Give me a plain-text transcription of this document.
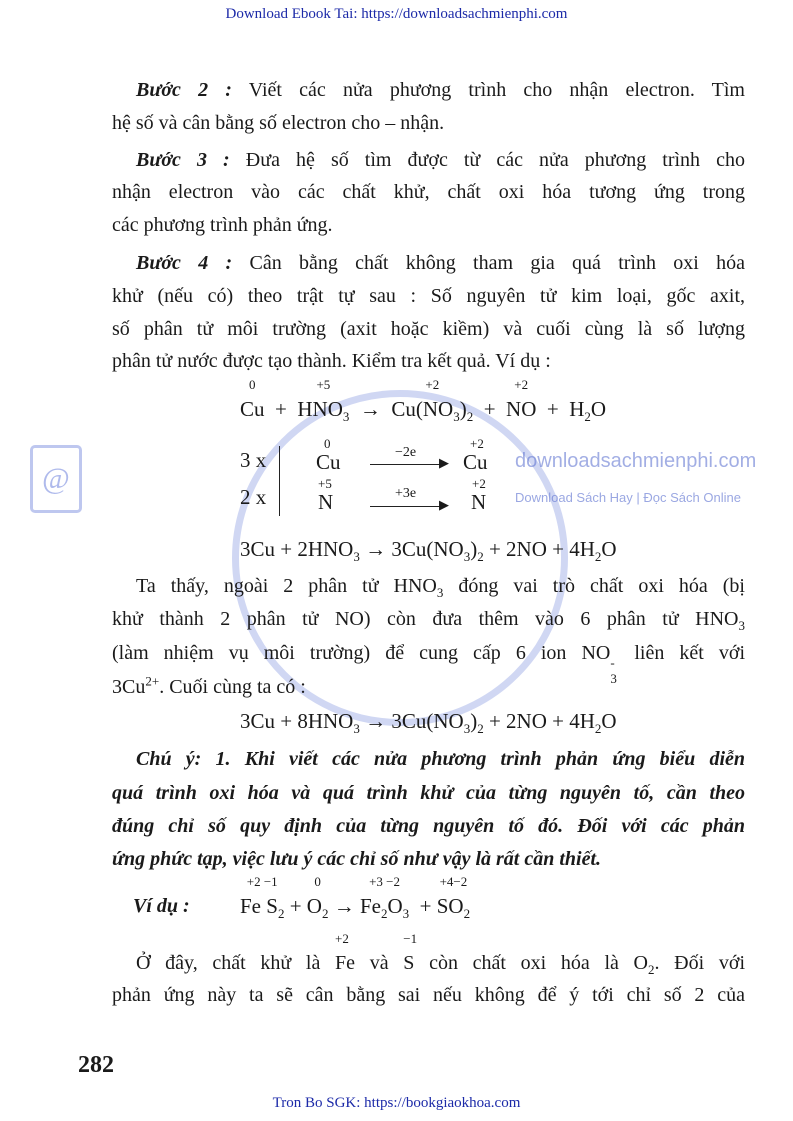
Download Ebook Tai: https://downloadsachmienphi.com
@
downloadsachmienphi.com
Download Sách Hay | Đọc Sách Online
Bước 2 : Viết các nửa phương trình cho nhận electron. Tìm
hệ số và cân bằng số electron cho – nhận.
Bước 3 : Đưa hệ số tìm được từ các nửa phương trình cho
nhận electron vào các chất khử, chất oxi hóa tương ứng trong
các phương trình phản ứng.
Bước 4 : Cân bằng chất không tham gia quá trình oxi hóa
khử (nếu có) theo trật tự sau : Số nguyên tử kim loại, gốc axit,
số phân tử môi trường (axit hoặc kiềm) và cuối cùng là số lượng
phân tử nước được tạo thành. Kiểm tra kết quả. Ví dụ :
0
Cu  +
+5
$HNO_3$  →
+2
$Cu(NO_3)_2$  +
+2
NO  +  $H_2O$
3 x
2 x
0
Cu
+5
N
−2e
+3e
▶
▶
+2
Cu
+2
N
$3Cu + 2HNO_3 \to 3Cu(NO_3)_2 + 2NO + 4H_2O$
Ta thấy, ngoài 2 phân tử $HNO_3$ đóng vai trò chất oxi hóa (bị
khử thành 2 phân tử NO) còn đưa thêm vào 6 phân tử $HNO_3$
(làm nhiệm vụ môi trường) để cung cấp 6 ion NO -
3
liên kết với
$3Cu^{2+}$. Cuối cùng ta có :
$3Cu + 8HNO_3 \to 3Cu(NO_3)_2 + 2NO + 4H_2O$
Chú ý: 1. Khi viết các nửa phương trình phản ứng biểu diễn
quá trình oxi hóa và quá trình khử của từng nguyên tố, cần theo
đúng chỉ số quy định của từng nguyên tố đó. Đối với các phản
ứng phức tạp, việc lưu ý các chỉ số như vậy là rất cần thiết.
Ví dụ :
+2 −1
Fe $S_2$ +
0
$O_2$ →
+3 −2
$Fe_2O_3$  +
+4−2
$SO_2$
Ở đây, chất khử là
+2
Fe và
−1
S còn chất oxi hóa là $O_2$. Đối với
phản ứng này ta sẽ cân bằng sai nếu không để ý tới chỉ số 2 của
282
Tron Bo SGK: https://bookgiaokhoa.com
